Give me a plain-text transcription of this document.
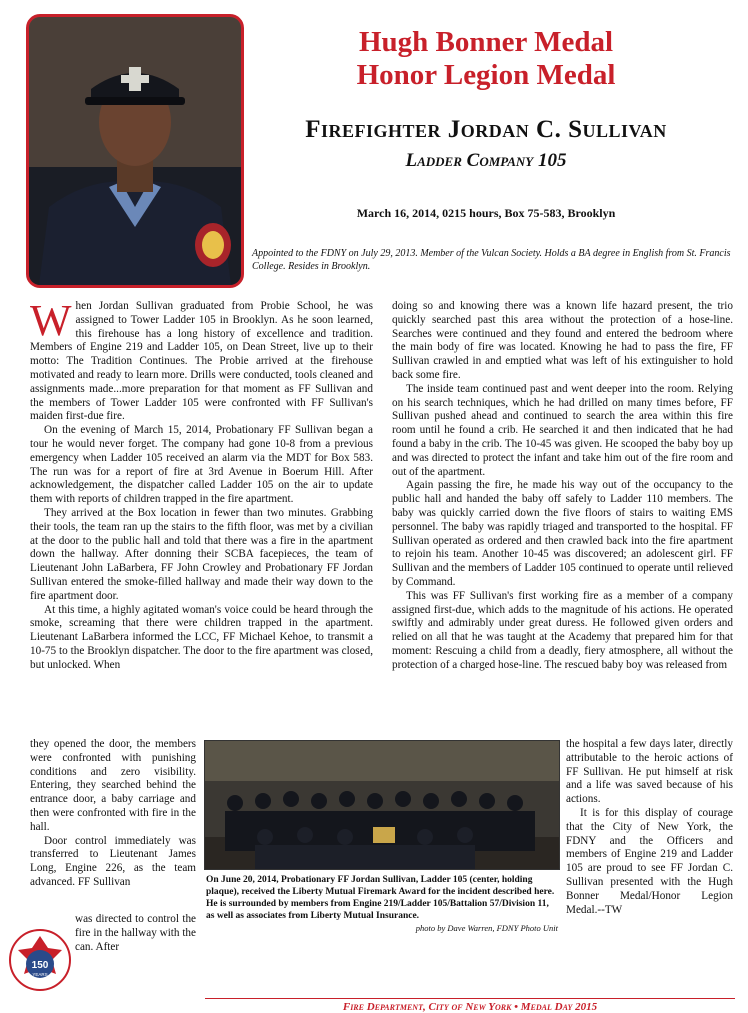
Hugh Bonner Medal
Honor Legion Medal
Firefighter Jordan C. Sullivan
Ladder Company 105
March 16, 2014, 0215 hours, Box 75-583, Brooklyn
Appointed to the FDNY on July 29, 2013. Member of the Vulcan Society. Holds a BA degree in English from St. Francis College. Resides in Brooklyn.

When Jordan Sullivan graduated from Probie School, he was assigned to Tower Ladder 105 in Brooklyn. As he soon learned, this firehouse has a long history of excellence and tradition. Members of Engine 219 and Ladder 105, on Dean Street, live up to their motto: The Tradition Continues. The Probie arrived at the firehouse motivated and ready to learn more. Drills were conducted, tools cleaned and assignments made...more preparation for that moment as FF Sullivan and the members of Tower Ladder 105 were confronted with FF Sullivan's maiden first-due fire.

On the evening of March 15, 2014, Probationary FF Sullivan began a tour he would never forget. The company had gone 10-8 from a previous emergency when Ladder 105 received an alarm via the MDT for Box 583. The run was for a report of fire at 3rd Avenue in Boerum Hill. After acknowledgement, the dispatcher called Ladder 105 on the air to update them with reports of children trapped in the fire apartment.

They arrived at the Box location in fewer than two minutes. Grabbing their tools, the team ran up the stairs to the fifth floor, was met by a civilian at the door to the public hall and told that there was a fire in the apartment down the hallway. After donning their SCBA facepieces, the team of Lieutenant John LaBarbera, FF John Crowley and Probationary FF Jordan Sullivan entered the smoke-filled hallway and made their way down to the fire apartment door.

At this time, a highly agitated woman's voice could be heard through the smoke, screaming that there were children trapped in the apartment. Lieutenant LaBarbera informed the LCC, FF Michael Kehoe, to transmit a 10-75 to the Brooklyn dispatcher. The door to the fire apartment was closed, but unlocked. When

they opened the door, the members were confronted with punishing conditions and zero visibility. Entering, they searched behind the entrance door, a baby carriage and then were confronted with fire in the hall.

Door control immediately was transferred to Lieutenant James Long, Engine 226, as the team advanced. FF Sullivan

was directed to control the fire in the hallway with the can. After

doing so and knowing there was a known life hazard present, the trio quickly searched past this area without the protection of a hose-line. Searches were continued and they found and entered the bedroom where the main body of fire was located. Knowing he had to pass the fire, FF Sullivan crawled in and emptied what was left of his extinguisher to hold back some fire.

The inside team continued past and went deeper into the room. Relying on his search techniques, which he had drilled on many times before, FF Sullivan pushed ahead and continued to search the area within this fire room until he found a crib. He searched it and then indicated that he had found a baby in the crib. The 10-45 was given. He scooped the baby boy up and was directed to protect the infant and take him out of the fire room and out of the apartment.

Again passing the fire, he made his way out of the occupancy to the public hall and handed the baby off safely to Ladder 110 members. The baby was quickly carried down the five floors of stairs to waiting EMS personnel. The baby was rapidly triaged and transported to the hospital. FF Sullivan operated as ordered and then crawled back into the fire apartment to rejoin his team. Another 10-45 was discovered; an adolescent girl. FF Sullivan and the members of Ladder 105 continued to operate until relieved by Command.

This was FF Sullivan's first working fire as a member of a company assigned first-due, which adds to the magnitude of his actions. He operated swiftly and admirably under great duress. He followed given orders and relied on all that he was taught at the Academy that prepared him for that moment: Rescuing a child from a deadly, fiery atmosphere, all without the protection of a charged hose-line. The rescued baby boy was released from

the hospital a few days later, directly attributable to the heroic actions of FF Sullivan. He put himself at risk and a life was saved because of his actions.

It is for this display of courage that the City of New York, the FDNY and the Officers and members of Engine 219 and Ladder 105 are proud to see FF Jordan C. Sullivan presented with the Hugh Bonner Medal/Honor Legion Medal.--TW

On June 20, 2014, Probationary FF Jordan Sullivan, Ladder 105 (center, holding plaque), received the Liberty Mutual Firemark Award for the incident described here. He is surrounded by members from Engine 219/Ladder 105/Battalion 57/Division 11, as well as associates from Liberty Mutual Insurance.
photo by Dave Warren, FDNY Photo Unit
150
YEARS
Fire Department, City of New York • Medal Day 2015
